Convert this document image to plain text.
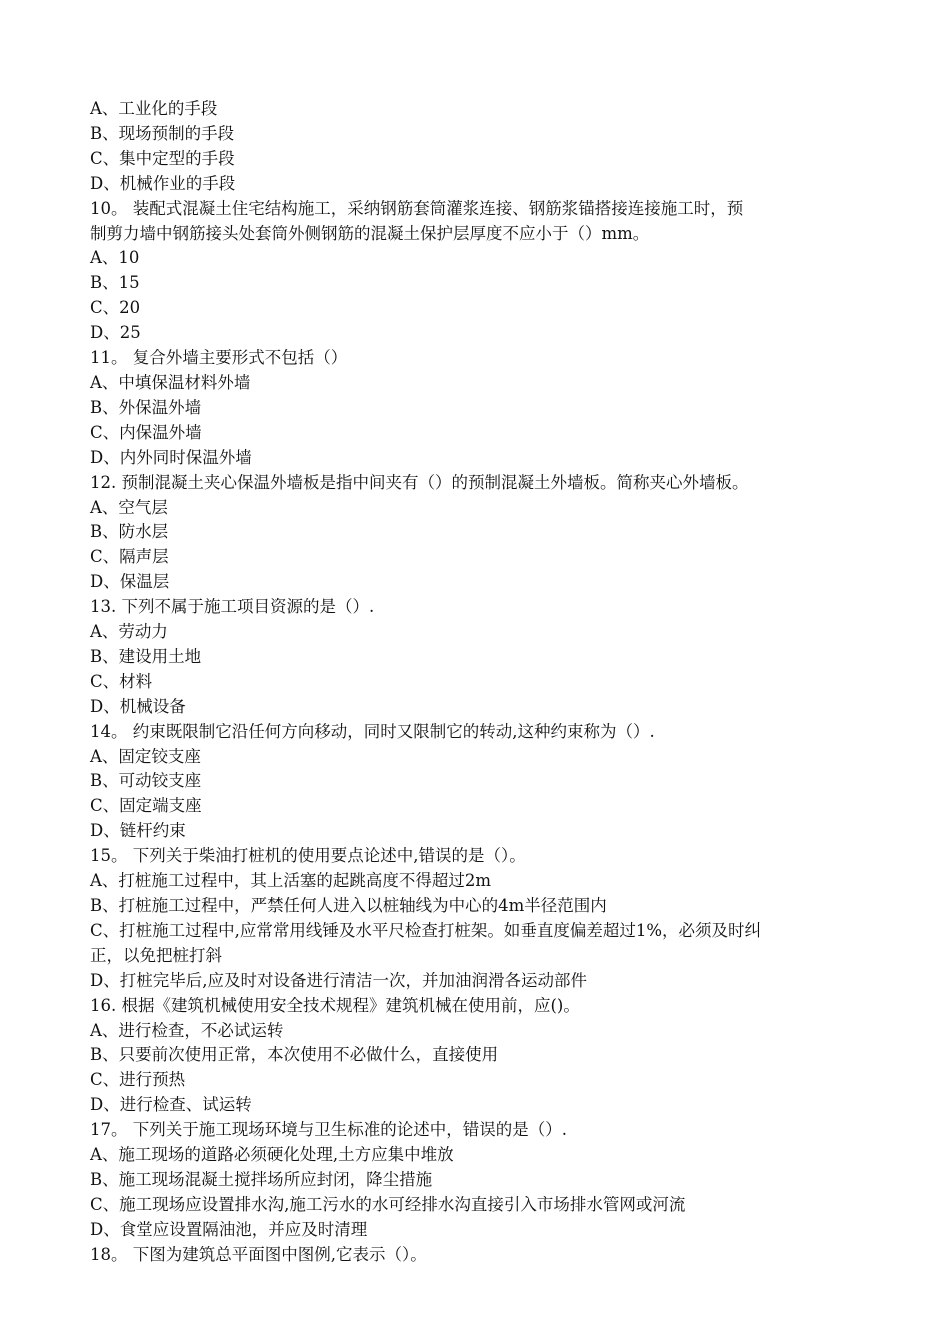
A、工业化的手段
B、现场预制的手段
C、集中定型的手段
D、机械作业的手段
10。 装配式混凝土住宅结构施工，采纳钢筋套筒灌浆连接、钢筋浆锚搭接连接施工时，预
制剪力墙中钢筋接头处套筒外侧钢筋的混凝土保护层厚度不应小于（）mm。
A、10
B、15
C、20
D、25
11。 复合外墙主要形式不包括（）
A、中填保温材料外墙
B、外保温外墙
C、内保温外墙
D、内外同时保温外墙
12. 预制混凝土夹心保温外墙板是指中间夹有（）的预制混凝土外墙板。简称夹心外墙板。
A、空气层
B、防水层
C、隔声层
D、保温层
13. 下列不属于施工项目资源的是（）.
A、劳动力
B、建设用土地
C、材料
D、机械设备
14。 约束既限制它沿任何方向移动，同时又限制它的转动,这种约束称为（）.
A、固定铰支座
B、可动铰支座
C、固定端支座
D、链杆约束
15。 下列关于柴油打桩机的使用要点论述中,错误的是（）。
A、打桩施工过程中，其上活塞的起跳高度不得超过2m
B、打桩施工过程中，严禁任何人进入以桩轴线为中心的4m半径范围内
C、打桩施工过程中,应常常用线锤及水平尺检查打桩架。如垂直度偏差超过1%，必须及时纠
正，以免把桩打斜
D、打桩完毕后,应及时对设备进行清洁一次，并加油润滑各运动部件
16. 根据《建筑机械使用安全技术规程》建筑机械在使用前，应()。
A、进行检查，不必试运转
B、只要前次使用正常，本次使用不必做什么，直接使用
C、进行预热
D、进行检查、试运转
17。 下列关于施工现场环境与卫生标准的论述中，错误的是（）.
A、施工现场的道路必须硬化处理,土方应集中堆放
B、施工现场混凝土搅拌场所应封闭，降尘措施
C、施工现场应设置排水沟,施工污水的水可经排水沟直接引入市场排水管网或河流
D、食堂应设置隔油池，并应及时清理
18。 下图为建筑总平面图中图例,它表示（）。
